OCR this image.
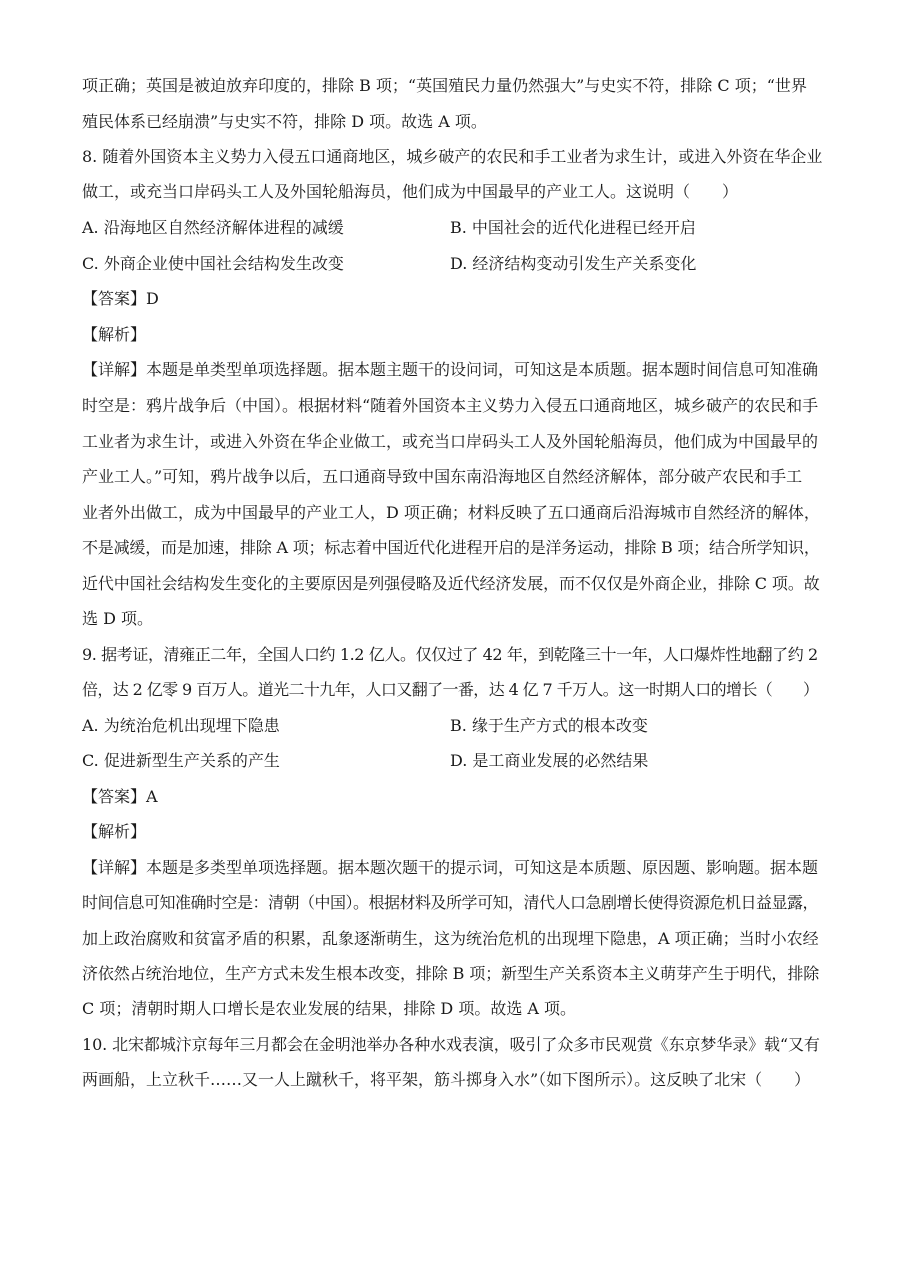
项正确；英国是被迫放弃印度的，排除 B 项；“英国殖民力量仍然强大”与史实不符，排除 C 项；“世界
殖民体系已经崩溃”与史实不符，排除 D 项。故选 A 项。
8. 随着外国资本主义势力入侵五口通商地区，城乡破产的农民和手工业者为求生计，或进入外资在华企业
做工，或充当口岸码头工人及外国轮船海员，他们成为中国最早的产业工人。这说明（　　）
A. 沿海地区自然经济解体进程的减缓	B. 中国社会的近代化进程已经开启
C. 外商企业使中国社会结构发生改变	D. 经济结构变动引发生产关系变化
【答案】D
【解析】
【详解】本题是单类型单项选择题。据本题主题干的设问词，可知这是本质题。据本题时间信息可知准确
时空是：鸦片战争后（中国）。根据材料“随着外国资本主义势力入侵五口通商地区，城乡破产的农民和手
工业者为求生计，或进入外资在华企业做工，或充当口岸码头工人及外国轮船海员，他们成为中国最早的
产业工人。”可知，鸦片战争以后，五口通商导致中国东南沿海地区自然经济解体，部分破产农民和手工
业者外出做工，成为中国最早的产业工人，D 项正确；材料反映了五口通商后沿海城市自然经济的解体，
不是减缓，而是加速，排除 A 项；标志着中国近代化进程开启的是洋务运动，排除 B 项；结合所学知识，
近代中国社会结构发生变化的主要原因是列强侵略及近代经济发展，而不仅仅是外商企业，排除 C 项。故
选 D 项。
9. 据考证，清雍正二年，全国人口约 1.2 亿人。仅仅过了 42 年，到乾隆三十一年，人口爆炸性地翻了约 2
倍，达 2 亿零 9 百万人。道光二十九年，人口又翻了一番，达 4 亿 7 千万人。这一时期人口的增长（　　）
A. 为统治危机出现埋下隐患	B. 缘于生产方式的根本改变
C. 促进新型生产关系的产生	D. 是工商业发展的必然结果
【答案】A
【解析】
【详解】本题是多类型单项选择题。据本题次题干的提示词，可知这是本质题、原因题、影响题。据本题
时间信息可知准确时空是：清朝（中国）。根据材料及所学可知，清代人口急剧增长使得资源危机日益显露，
加上政治腐败和贫富矛盾的积累，乱象逐渐萌生，这为统治危机的出现埋下隐患，A 项正确；当时小农经
济依然占统治地位，生产方式未发生根本改变，排除 B 项；新型生产关系资本主义萌芽产生于明代，排除
C 项；清朝时期人口增长是农业发展的结果，排除 D 项。故选 A 项。
10. 北宋都城汴京每年三月都会在金明池举办各种水戏表演，吸引了众多市民观赏《东京梦华录》载“又有
两画船，上立秋千……又一人上蹴秋千，将平架，筋斗掷身入水”（如下图所示）。这反映了北宋（　　）
